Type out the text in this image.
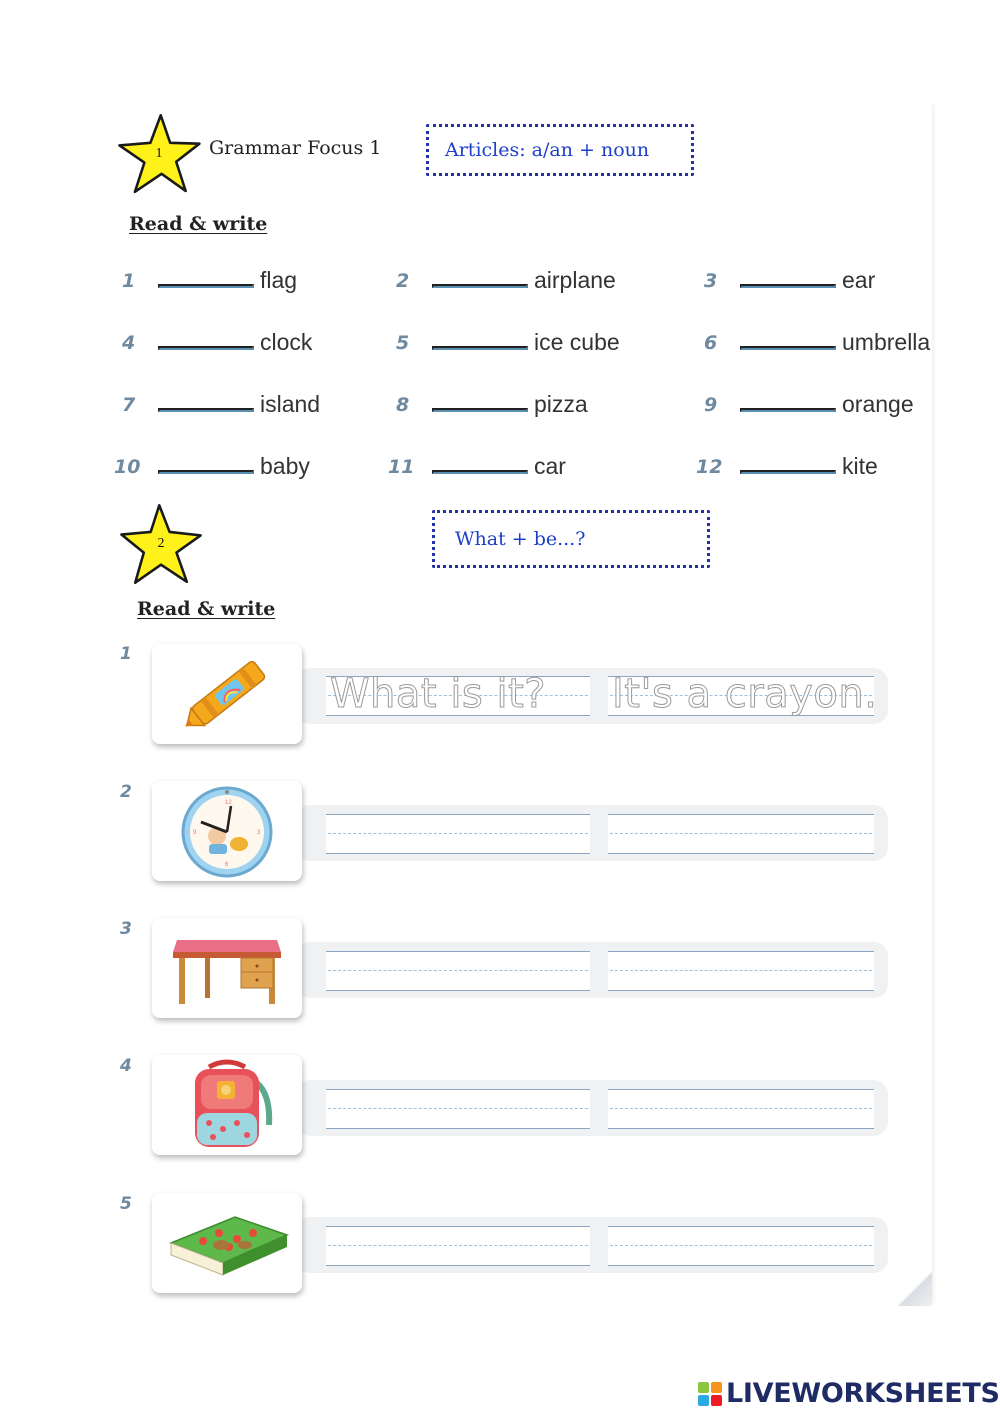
1	Grammar Focus 1	Articles: a/an + noun
Read & write
1	flag	2	airplane	3	ear
4	clock	5	ice cube	6	umbrella
7	island	8	pizza	9	orange
10	baby	11	car	12	kite
2	What + be...?
Read & write
1
What is it? It's a crayon.
2
12
3
6
9
3
4
5
LIVEWORKSHEETS
